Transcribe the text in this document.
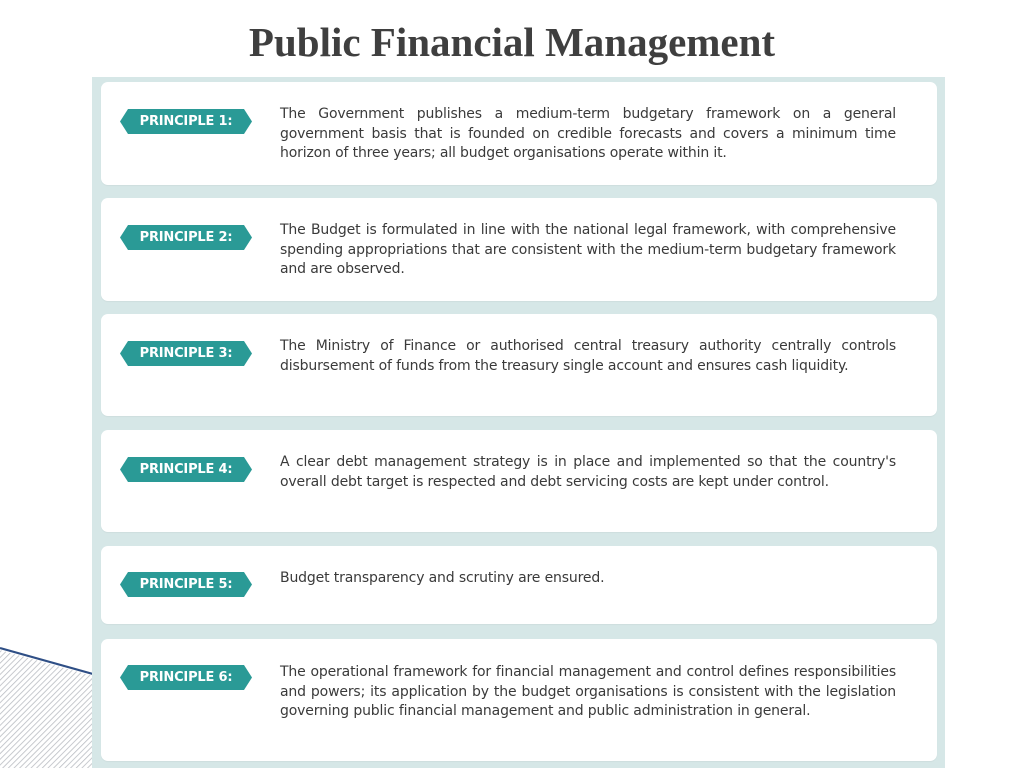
Public Financial Management
PRINCIPLE 1:	The Government publishes a medium-term budgetary framework on a general government basis that is founded on credible forecasts and covers a minimum time horizon of three years; all budget organisations operate within it.

PRINCIPLE 2:	The Budget is formulated in line with the national legal framework, with comprehensive spending appropriations that are consistent with the medium-term budgetary framework and are observed.

PRINCIPLE 3:	The Ministry of Finance or authorised central treasury authority centrally controls disbursement of funds from the treasury single account and ensures cash liquidity.

PRINCIPLE 4:	A clear debt management strategy is in place and implemented so that the country's overall debt target is respected and debt servicing costs are kept under control.

PRINCIPLE 5:	Budget transparency and scrutiny are ensured.

PRINCIPLE 6:	The operational framework for financial management and control defines responsibilities and powers; its application by the budget organisations is consistent with the legislation governing public financial management and public administration in general.
